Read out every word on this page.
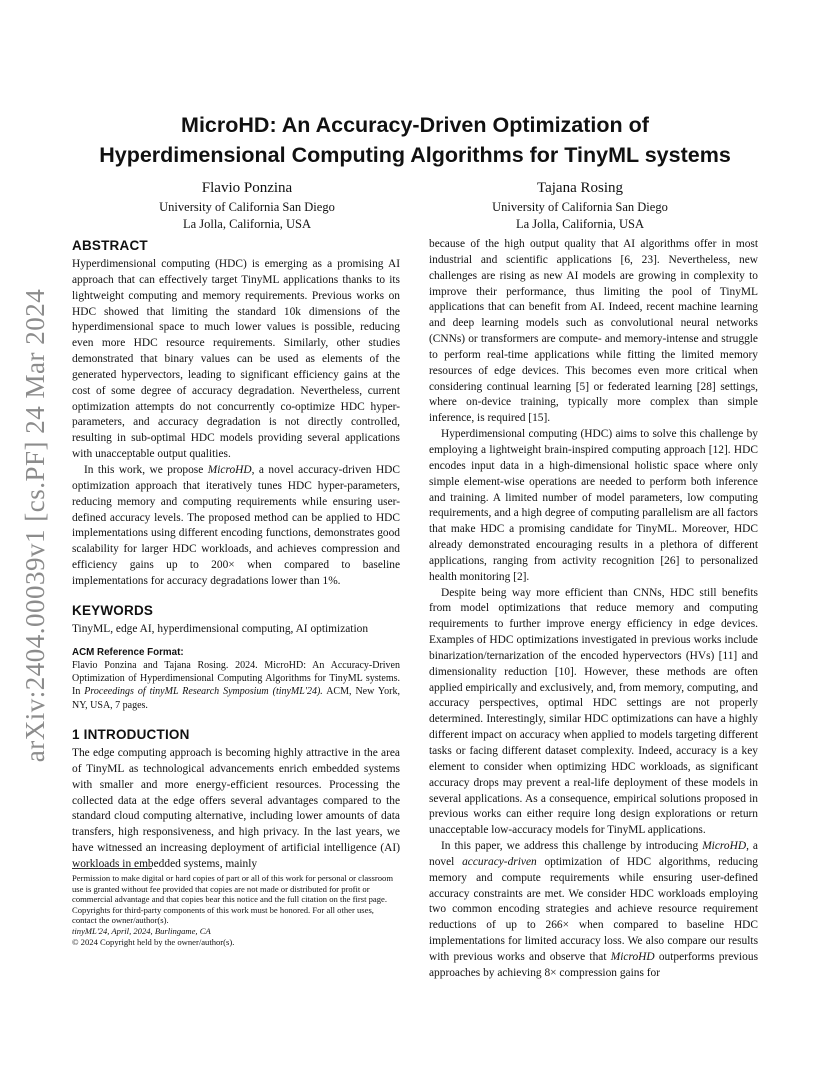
arXiv:2404.00039v1 [cs.PF] 24 Mar 2024
MicroHD: An Accuracy-Driven Optimization of
Hyperdimensional Computing Algorithms for TinyML systems
Flavio Ponzina
University of California San Diego
La Jolla, California, USA
Tajana Rosing
University of California San Diego
La Jolla, California, USA
ABSTRACT

Hyperdimensional computing (HDC) is emerging as a promising AI approach that can effectively target TinyML applications thanks to its lightweight computing and memory requirements. Previous works on HDC showed that limiting the standard 10k dimensions of the hyperdimensional space to much lower values is possible, reducing even more HDC resource requirements. Similarly, other studies demonstrated that binary values can be used as elements of the generated hypervectors, leading to significant efficiency gains at the cost of some degree of accuracy degradation. Nevertheless, current optimization attempts do not concurrently co-optimize HDC hyper-parameters, and accuracy degradation is not directly controlled, resulting in sub-optimal HDC models providing several applications with unacceptable output qualities.

In this work, we propose MicroHD, a novel accuracy-driven HDC optimization approach that iteratively tunes HDC hyper-parameters, reducing memory and computing requirements while ensuring user-defined accuracy levels. The proposed method can be applied to HDC implementations using different encoding functions, demonstrates good scalability for larger HDC workloads, and achieves compression and efficiency gains up to 200× when compared to baseline implementations for accuracy degradations lower than 1%.

KEYWORDS

TinyML, edge AI, hyperdimensional computing, AI optimization

ACM Reference Format:

Flavio Ponzina and Tajana Rosing. 2024. MicroHD: An Accuracy-Driven Optimization of Hyperdimensional Computing Algorithms for TinyML systems. In Proceedings of tinyML Research Symposium (tinyML'24). ACM, New York, NY, USA, 7 pages.

1 INTRODUCTION

The edge computing approach is becoming highly attractive in the area of TinyML as technological advancements enrich embedded systems with smaller and more energy-efficient resources. Processing the collected data at the edge offers several advantages compared to the standard cloud computing alternative, including lower amounts of data transfers, high responsiveness, and high privacy. In the last years, we have witnessed an increasing deployment of artificial intelligence (AI) workloads in embedded systems, mainly

because of the high output quality that AI algorithms offer in most industrial and scientific applications [6, 23]. Nevertheless, new challenges are rising as new AI models are growing in complexity to improve their performance, thus limiting the pool of TinyML applications that can benefit from AI. Indeed, recent machine learning and deep learning models such as convolutional neural networks (CNNs) or transformers are compute- and memory-intense and struggle to perform real-time applications while fitting the limited memory resources of edge devices. This becomes even more critical when considering continual learning [5] or federated learning [28] settings, where on-device training, typically more complex than simple inference, is required [15].

Hyperdimensional computing (HDC) aims to solve this challenge by employing a lightweight brain-inspired computing approach [12]. HDC encodes input data in a high-dimensional holistic space where only simple element-wise operations are needed to perform both inference and training. A limited number of model parameters, low computing requirements, and a high degree of computing parallelism are all factors that make HDC a promising candidate for TinyML. Moreover, HDC already demonstrated encouraging results in a plethora of different applications, ranging from activity recognition [26] to personalized health monitoring [2].

Despite being way more efficient than CNNs, HDC still benefits from model optimizations that reduce memory and computing requirements to further improve energy efficiency in edge devices. Examples of HDC optimizations investigated in previous works include binarization/ternarization of the encoded hypervectors (HVs) [11] and dimensionality reduction [10]. However, these methods are often applied empirically and exclusively, and, from memory, computing, and accuracy perspectives, optimal HDC settings are not properly determined. Interestingly, similar HDC optimizations can have a highly different impact on accuracy when applied to models targeting different tasks or facing different dataset complexity. Indeed, accuracy is a key element to consider when optimizing HDC workloads, as significant accuracy drops may prevent a real-life deployment of these models in several applications. As a consequence, empirical solutions proposed in previous works can either require long design explorations or return unacceptable low-accuracy models for TinyML applications.

In this paper, we address this challenge by introducing MicroHD, a novel accuracy-driven optimization of HDC algorithms, reducing memory and compute requirements while ensuring user-defined accuracy constraints are met. We consider HDC workloads employing two common encoding strategies and achieve resource requirement reductions of up to 266× when compared to baseline HDC implementations for limited accuracy loss. We also compare our results with previous works and observe that MicroHD outperforms previous approaches by achieving 8× compression gains for

Permission to make digital or hard copies of part or all of this work for personal or classroom use is granted without fee provided that copies are not made or distributed for profit or commercial advantage and that copies bear this notice and the full citation on the first page. Copyrights for third-party components of this work must be honored. For all other uses, contact the owner/author(s).

tinyML'24, April, 2024, Burlingame, CA

© 2024 Copyright held by the owner/author(s).
